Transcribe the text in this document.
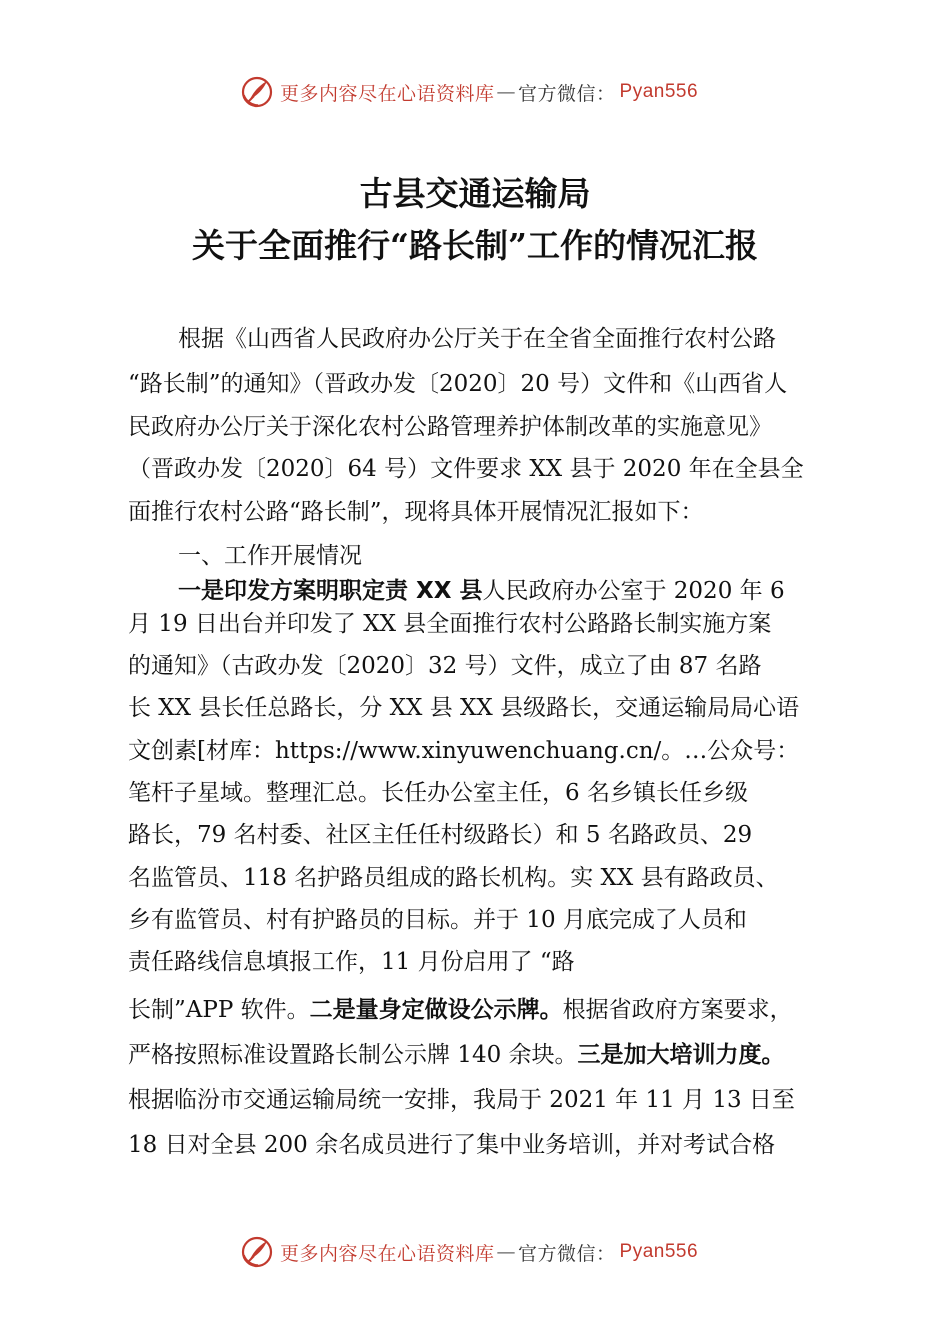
更多内容尽在心语资料库 — 官方微信： Pyan556
古县交通运输局
关于全面推行“路长制”工作的情况汇报
根据《山西省人民政府办公厅关于在全省全面推行农村公路
“路长制”的通知》（晋政办发〔2020〕20 号）文件和《山西省人
民政府办公厅关于深化农村公路管理养护体制改革的实施意见》
（晋政办发〔2020〕64 号）文件要求 XX 县于 2020 年在全县全
面推行农村公路“路长制”，现将具体开展情况汇报如下：
一、工作开展情况
一是印发方案明职定责 XX 县人民政府办公室于 2020 年 6
月 19 日出台并印发了 XX 县全面推行农村公路路长制实施方案
的通知》（古政办发〔2020〕32 号）文件，成立了由 87 名路
长 XX 县长任总路长，分 XX 县 XX 县级路长，交通运输局局心语
文创素[材库：https://www.xinyuwenchuang.cn/。…公众号：
笔杆子星域。整理汇总。长任办公室主任，6 名乡镇长任乡级
路长，79 名村委、社区主任任村级路长）和 5 名路政员、29
名监管员、118 名护路员组成的路长机构。实 XX 县有路政员、
乡有监管员、村有护路员的目标。并于 10 月底完成了人员和
责任路线信息填报工作，11 月份启用了 “路
长制”APP 软件。二是量身定做设公示牌。根据省政府方案要求，
严格按照标准设置路长制公示牌 140 余块。三是加大培训力度。
根据临汾市交通运输局统一安排，我局于 2021 年 11 月 13 日至
18 日对全县 200 余名成员进行了集中业务培训，并对考试合格
更多内容尽在心语资料库 — 官方微信： Pyan556
